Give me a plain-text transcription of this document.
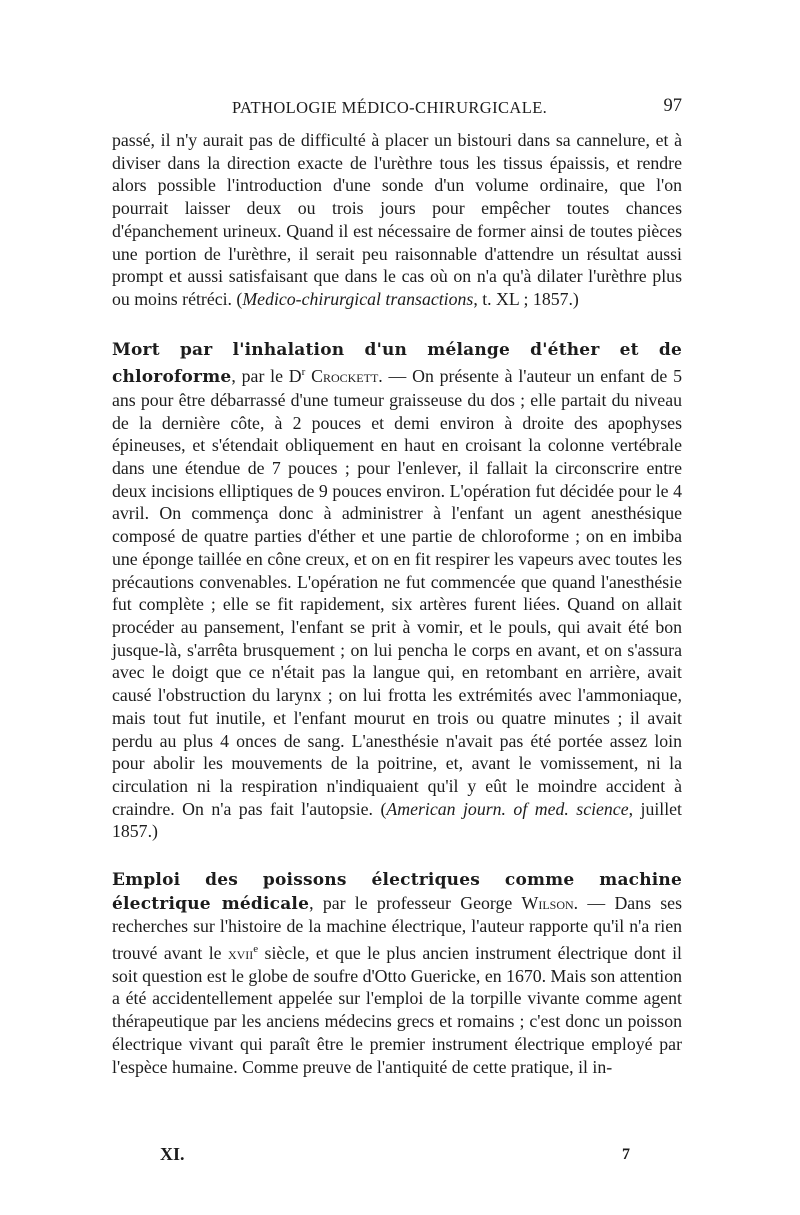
PATHOLOGIE MÉDICO-CHIRURGICALE.	97

passé, il n'y aurait pas de difficulté à placer un bistouri dans sa cannelure, et à diviser dans la direction exacte de l'urèthre tous les tissus épaissis, et rendre alors possible l'introduction d'une sonde d'un volume ordinaire, que l'on pourrait laisser deux ou trois jours pour empêcher toutes chances d'épanchement urineux. Quand il est nécessaire de former ainsi de toutes pièces une portion de l'urèthre, il serait peu raisonnable d'attendre un résultat aussi prompt et aussi satisfaisant que dans le cas où on n'a qu'à dilater l'urèthre plus ou moins rétréci. (Medico-chirurgical transactions, t. XL ; 1857.)

Mort par l'inhalation d'un mélange d'éther et de chloroforme, par le $D^r$ Crockett. — On présente à l'auteur un enfant de 5 ans pour être débarrassé d'une tumeur graisseuse du dos ; elle partait du niveau de la dernière côte, à 2 pouces et demi environ à droite des apophyses épineuses, et s'étendait obliquement en haut en croisant la colonne vertébrale dans une étendue de 7 pouces ; pour l'enlever, il fallait la circonscrire entre deux incisions elliptiques de 9 pouces environ. L'opération fut décidée pour le 4 avril. On commença donc à administrer à l'enfant un agent anesthésique composé de quatre parties d'éther et une partie de chloroforme ; on en imbiba une éponge taillée en cône creux, et on en fit respirer les vapeurs avec toutes les précautions convenables. L'opération ne fut commencée que quand l'anesthésie fut complète ; elle se fit rapidement, six artères furent liées. Quand on allait procéder au pansement, l'enfant se prit à vomir, et le pouls, qui avait été bon jusque-là, s'arrêta brusquement ; on lui pencha le corps en avant, et on s'assura avec le doigt que ce n'était pas la langue qui, en retombant en arrière, avait causé l'obstruction du larynx ; on lui frotta les extrémités avec l'ammoniaque, mais tout fut inutile, et l'enfant mourut en trois ou quatre minutes ; il avait perdu au plus 4 onces de sang. L'anesthésie n'avait pas été portée assez loin pour abolir les mouvements de la poitrine, et, avant le vomissement, ni la circulation ni la respiration n'indiquaient qu'il y eût le moindre accident à craindre. On n'a pas fait l'autopsie. (American journ. of med. science, juillet 1857.)

Emploi des poissons électriques comme machine électrique médicale, par le professeur George Wilson. — Dans ses recherches sur l'histoire de la machine électrique, l'auteur rapporte qu'il n'a rien trouvé avant le xvii$^e$ siècle, et que le plus ancien instrument électrique dont il soit question est le globe de soufre d'Otto Guericke, en 1670. Mais son attention a été accidentellement appelée sur l'emploi de la torpille vivante comme agent thérapeutique par les anciens médecins grecs et romains ; c'est donc un poisson électrique vivant qui paraît être le premier instrument électrique employé par l'espèce humaine. Comme preuve de l'antiquité de cette pratique, il in-

XI.	7
